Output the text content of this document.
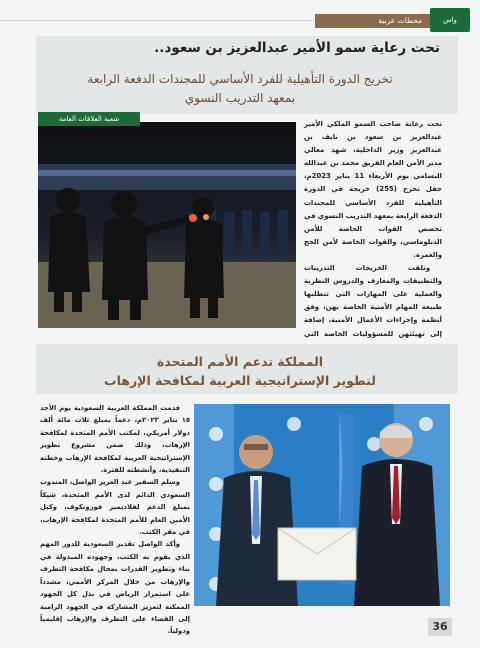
محطات عربية	واس
تحت رعاية سمو الأمير عبدالعزيز بن سعود..
تخريج الدورة التأهيلية للفرد الأساسي للمجندات الدفعة الرابعة
بمعهد التدريب النسوي
شعبة العلاقات العامة
تحت رعاية صاحب السمو الملكي الأمير عبدالعزيز بن سعود بن نايف بن عبدالعزيز وزير الداخلية، شهد معالي مدير الأمن العام الفريق محمد بن عبدالله البسامي يوم الأربعاء 11 يناير 2023م، حفل تخرج (255) خريجة في الدورة التأهيلية للفرد الأساسي للمجندات الدفعة الرابعة بمعهد التدريب النسوي في تخصص القوات الخاصة للأمن الدبلوماسي، والقوات الخاصة لأمن الحج والعمرة.
وتلقت الخريجات التدريبات والتطبيقات والمعارف والدروس النظرية والعملية على المهارات التي تتطلبها طبيعة المهام الأمنية الخاصة بهن، وفق أنظمة وإجراءات الأعمال الأمنية، إضافة إلى تهيئتهن للمسؤوليات الخاصة التي
المملكة تدعم الأمم المتحدة
لتطوير الإستراتيجية العربية لمكافحة الإرهاب
قدمت المملكة العربية السعودية يوم الأحد ١٥ يناير ٢٠٢٣م، دعماً بمبلغ ثلاث مائة ألف دولار أمريكي، لمكتب الأمم المتحدة لمكافحة الإرهاب، وذلك ضمن مشروع تطوير الإستراتيجية العربية لمكافحة الإرهاب وخطته التنفيذية، وأنشطته للفترة.
وسلم السفير عبد العزيز الواصل، المندوب السعودي الدائم لدى الأمم المتحدة، شيكاً بمبلغ الدعم لفلاديمير فورونكوف، وكيل الأمين العام للأمم المتحدة لمكافحة الإرهاب، في مقر الكتب.
وأكد الواصل تقدير السعودية للدور المهم الذي يقوم به الكتب، وجهوده المبذولة في بناء وتطوير القدرات بمجال مكافحة التطرف والإرهاب من خلال المركز الأممي، مشدداً على استمرار الرياض في بذل كل الجهود الممكنة لتعزيز المشاركة في الجهود الرامية إلى القضاء على التطرف والإرهاب إقليمياً ودولياً.	36
